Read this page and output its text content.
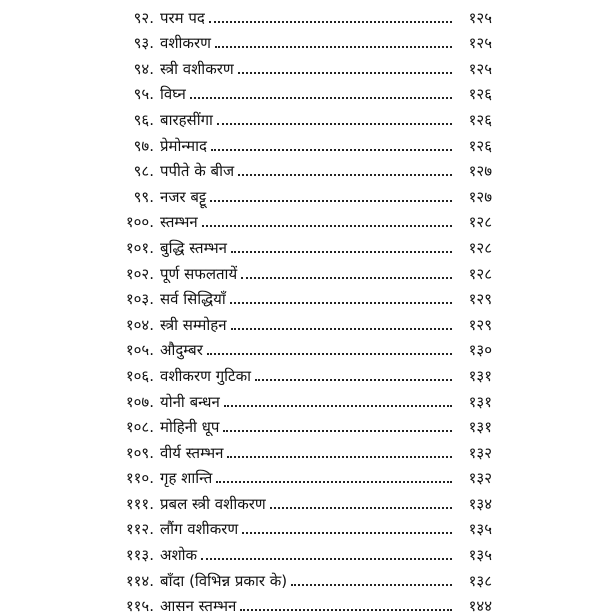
९२. परम पद	१२५
९३. वशीकरण	१२५
९४. स्त्री वशीकरण	१२५
९५. विघ्न	१२६
९६. बारहसींगा	१२६
९७. प्रेमोन्माद	१२६
९८. पपीते के बीज	१२७
९९. नजर बट्टू	१२७
१००. स्तम्भन	१२८
१०१. बुद्धि स्तम्भन	१२८
१०२. पूर्ण सफलतायें	१२८
१०३. सर्व सिद्धियाँ	१२९
१०४. स्त्री सम्मोहन	१२९
१०५. औदुम्बर	१३०
१०६. वशीकरण गुटिका	१३१
१०७. योनी बन्धन	१३१
१०८. मोहिनी धूप	१३१
१०९. वीर्य स्तम्भन	१३२
११०. गृह शान्ति	१३२
१११. प्रबल स्त्री वशीकरण	१३४
११२. लौंग वशीकरण	१३५
११३. अशोक	१३५
११४. बाँदा (विभिन्न प्रकार के)	१३८
११५. आसन स्तम्भन	१४४
